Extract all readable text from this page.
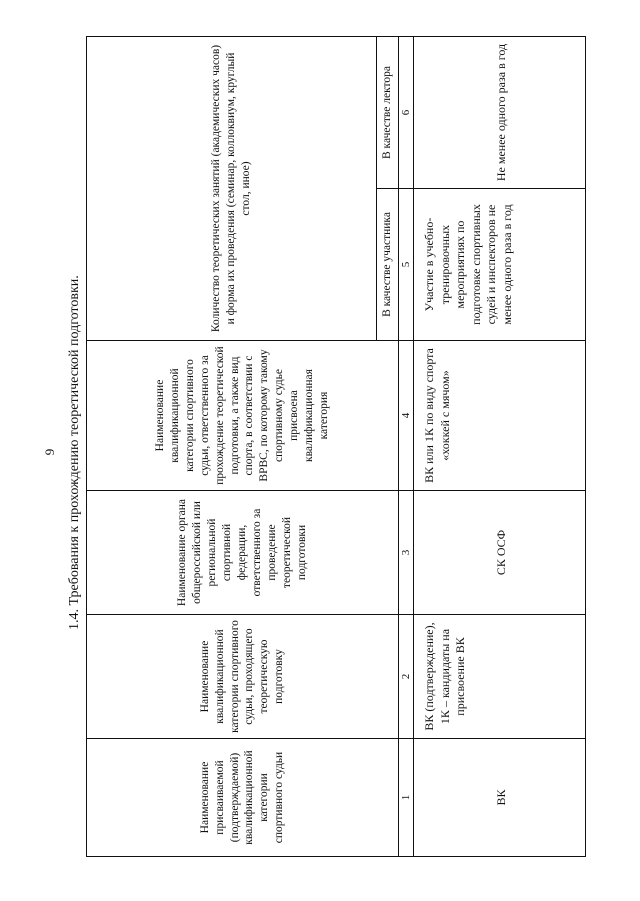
9 1.4. Требования к прохождению теоретической подготовки.
Наименование присваиваемой (подтверждаемой) квалификационной категории спортивного судьи	Наименование квалификационной категории спортивного судьи, проходящего теоретическую подготовку	Наименование органа общероссийской или региональной спортивной федерации, ответственного за проведение теоретической подготовки	Наименование квалификационной категории спортивного судьи, ответственного за прохождение теоретической подготовки, а также вид спорта, в соответствии с ВРВС, по которому такому спортивному судье присвоена квалификационная категория	Количество теоретических занятий (академических часов) и форма их проведения (семинар, коллоквиум, круглый стол, иное)	
				В качестве участника	В качестве лектора
1	2	3	4	5	6
ВК	ВК (подтверждение), 1К – кандидаты на присвоение ВК	СК ОСФ	ВК или 1К по виду спорта «хоккей с мячом»	Участие в учебно-тренировочных мероприятиях по подготовке спортивных судей и инспекторов не менее одного раза в год	Не менее одного раза в год
